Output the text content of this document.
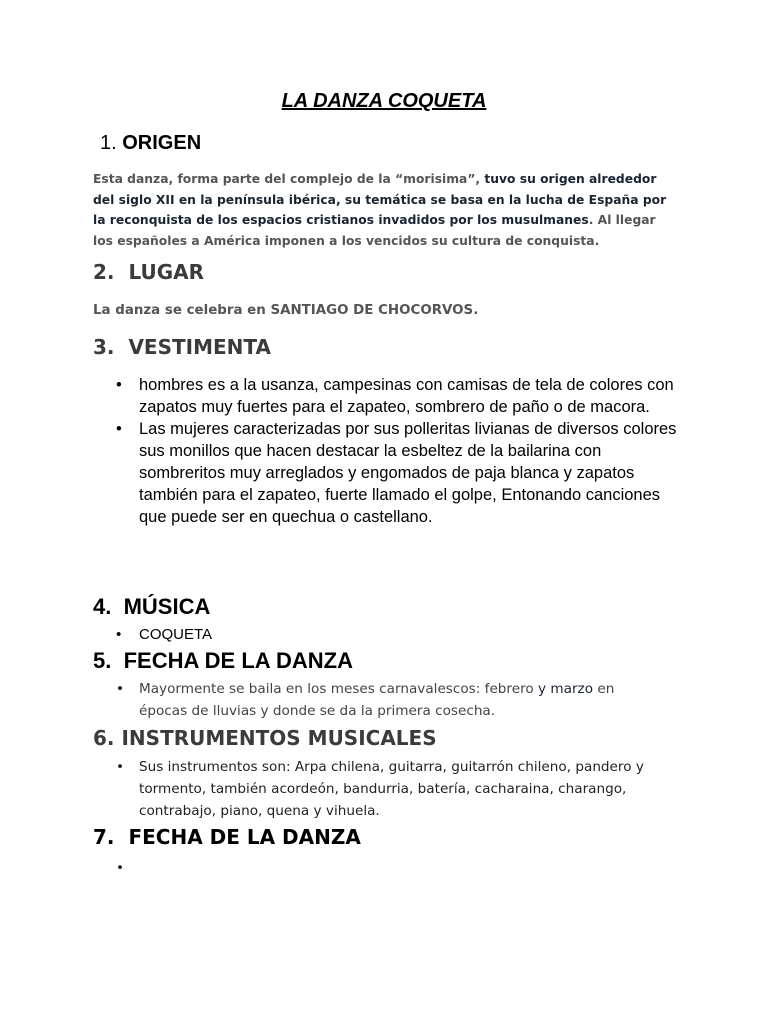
LA DANZA COQUETA
1. ORIGEN
Esta danza, forma parte del complejo de la “morisima”, tuvo su origen alrededor del siglo XII en la península ibérica, su temática se basa en la lucha de España por la reconquista de los espacios cristianos invadidos por los musulmanes. Al llegar los españoles a América imponen a los vencidos su cultura de conquista.
2. LUGAR
La danza se celebra en SANTIAGO DE CHOCORVOS.
3. VESTIMENTA
• hombres es a la usanza, campesinas con camisas de tela de colores con zapatos muy fuertes para el zapateo, sombrero de paño o de macora.
• Las mujeres caracterizadas por sus polleritas livianas de diversos colores sus monillos que hacen destacar la esbeltez de la bailarina con sombreritos muy arreglados y engomados de paja blanca y zapatos también para el zapateo, fuerte llamado el golpe, Entonando canciones que puede ser en quechua o castellano.
4. MÚSICA
• COQUETA
5. FECHA DE LA DANZA
• Mayormente se baila en los meses carnavalescos: febrero y marzo en épocas de lluvias y donde se da la primera cosecha.
6. INSTRUMENTOS MUSICALES
• Sus instrumentos son: Arpa chilena, guitarra, guitarrón chileno, pandero y tormento, también acordeón, bandurria, batería, cacharaina, charango, contrabajo, piano, quena y vihuela.
7. FECHA DE LA DANZA
•
